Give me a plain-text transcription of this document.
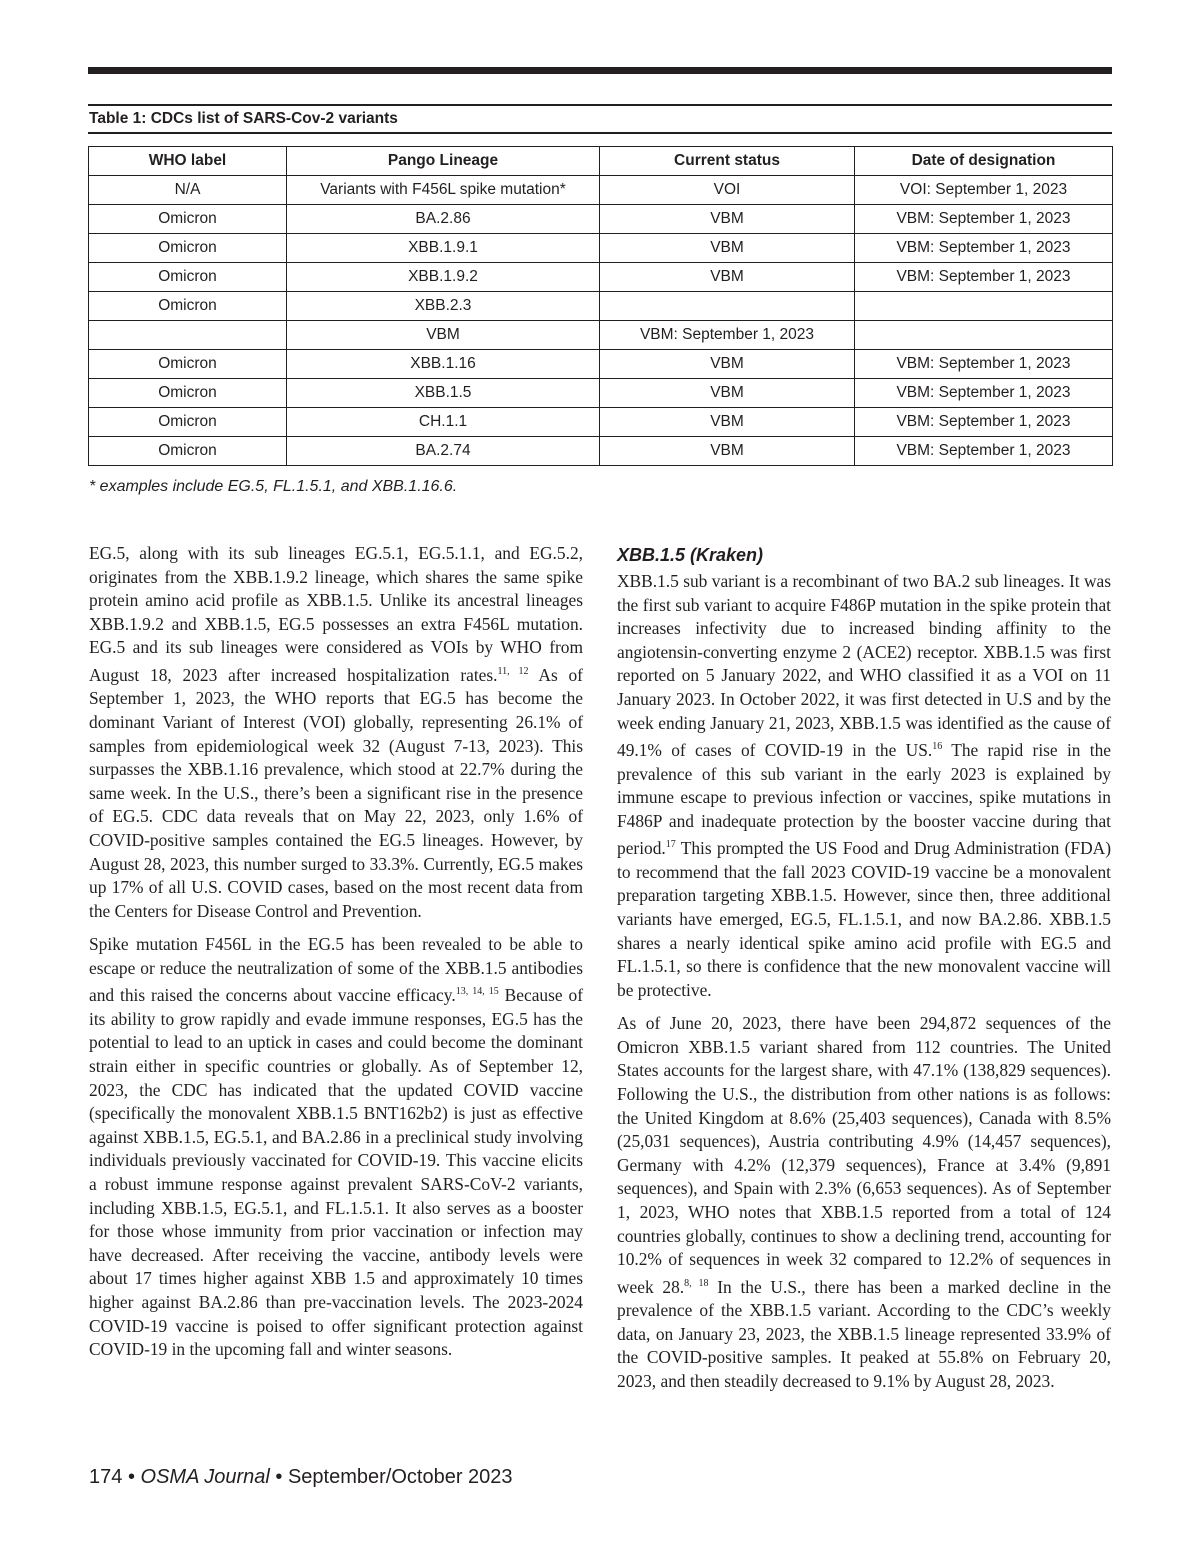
Table 1: CDCs list of SARS-Cov-2 variants
WHO label	Pango Lineage	Current status	Date of designation
N/A	Variants with F456L spike mutation*	VOI	VOI: September 1, 2023
Omicron	BA.2.86	VBM	VBM: September 1, 2023
Omicron	XBB.1.9.1	VBM	VBM: September 1, 2023
Omicron	XBB.1.9.2	VBM	VBM: September 1, 2023
Omicron	XBB.2.3		
	VBM	VBM: September 1, 2023	
Omicron	XBB.1.16	VBM	VBM: September 1, 2023
Omicron	XBB.1.5	VBM	VBM: September 1, 2023
Omicron	CH.1.1	VBM	VBM: September 1, 2023
Omicron	BA.2.74	VBM	VBM: September 1, 2023
* examples include EG.5, FL.1.5.1, and XBB.1.16.6.

EG.5, along with its sub lineages EG.5.1, EG.5.1.1, and EG.5.2, originates from the XBB.1.9.2 lineage, which shares the same spike protein amino acid profile as XBB.1.5. Unlike its ancestral lineages XBB.1.9.2 and XBB.1.5, EG.5 possesses an extra F456L mutation. EG.5 and its sub lineages were considered as VOIs by WHO from August 18, 2023 after increased hospitalization rates.$^{11, 12}$ As of September 1, 2023, the WHO reports that EG.5 has become the dominant Variant of Interest (VOI) globally, representing 26.1% of samples from epidemiological week 32 (August 7-13, 2023). This surpasses the XBB.1.16 prevalence, which stood at 22.7% during the same week. In the U.S., there’s been a significant rise in the presence of EG.5. CDC data reveals that on May 22, 2023, only 1.6% of COVID-positive samples contained the EG.5 lineages. However, by August 28, 2023, this number surged to 33.3%. Currently, EG.5 makes up 17% of all U.S. COVID cases, based on the most recent data from the Centers for Disease Control and Prevention.

Spike mutation F456L in the EG.5 has been revealed to be able to escape or reduce the neutralization of some of the XBB.1.5 antibodies and this raised the concerns about vaccine efficacy.$^{13, 14, 15}$ Because of its ability to grow rapidly and evade immune responses, EG.5 has the potential to lead to an uptick in cases and could become the dominant strain either in specific countries or globally. As of September 12, 2023, the CDC has indicated that the updated COVID vaccine (specifically the monovalent XBB.1.5 BNT162b2) is just as effective against XBB.1.5, EG.5.1, and BA.2.86 in a preclinical study involving individuals previously vaccinated for COVID-19. This vaccine elicits a robust immune response against prevalent SARS-CoV-2 variants, including XBB.1.5, EG.5.1, and FL.1.5.1. It also serves as a booster for those whose immunity from prior vaccination or infection may have decreased. After receiving the vaccine, antibody levels were about 17 times higher against XBB 1.5 and approximately 10 times higher against BA.2.86 than pre-vaccination levels. The 2023-2024 COVID-19 vaccine is poised to offer significant protection against COVID-19 in the upcoming fall and winter seasons.

XBB.1.5 (Kraken)

XBB.1.5 sub variant is a recombinant of two BA.2 sub lineages. It was the first sub variant to acquire F486P mutation in the spike protein that increases infectivity due to increased binding affinity to the angiotensin-converting enzyme 2 (ACE2) receptor. XBB.1.5 was first reported on 5 January 2022, and WHO classified it as a VOI on 11 January 2023. In October 2022, it was first detected in U.S and by the week ending January 21, 2023, XBB.1.5 was identified as the cause of 49.1% of cases of COVID-19 in the US.$^{16}$ The rapid rise in the prevalence of this sub variant in the early 2023 is explained by immune escape to previous infection or vaccines, spike mutations in F486P and inadequate protection by the booster vaccine during that period.$^{17}$ This prompted the US Food and Drug Administration (FDA) to recommend that the fall 2023 COVID-19 vaccine be a monovalent preparation targeting XBB.1.5. However, since then, three additional variants have emerged, EG.5, FL.1.5.1, and now BA.2.86. XBB.1.5 shares a nearly identical spike amino acid profile with EG.5 and FL.1.5.1, so there is confidence that the new monovalent vaccine will be protective.

As of June 20, 2023, there have been 294,872 sequences of the Omicron XBB.1.5 variant shared from 112 countries. The United States accounts for the largest share, with 47.1% (138,829 sequences). Following the U.S., the distribution from other nations is as follows: the United Kingdom at 8.6% (25,403 sequences), Canada with 8.5% (25,031 sequences), Austria contributing 4.9% (14,457 sequences), Germany with 4.2% (12,379 sequences), France at 3.4% (9,891 sequences), and Spain with 2.3% (6,653 sequences). As of September 1, 2023, WHO notes that XBB.1.5 reported from a total of 124 countries globally, continues to show a declining trend, accounting for 10.2% of sequences in week 32 compared to 12.2% of sequences in week 28.$^{8, 18}$ In the U.S., there has been a marked decline in the prevalence of the XBB.1.5 variant. According to the CDC’s weekly data, on January 23, 2023, the XBB.1.5 lineage represented 33.9% of the COVID-positive samples. It peaked at 55.8% on February 20, 2023, and then steadily decreased to 9.1% by August 28, 2023.

174 • OSMA Journal • September/October 2023
